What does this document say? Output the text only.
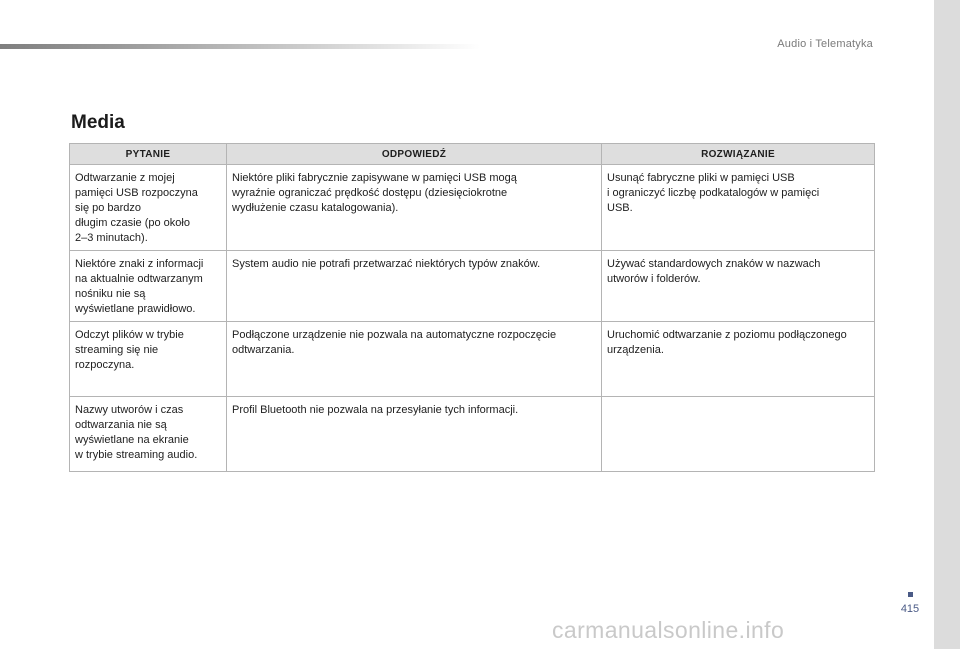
Audio i Telematyka
415
Media
PYTANIE	ODPOWIEDŹ	ROZWIĄZANIE
Odtwarzanie z mojej
pamięci USB rozpoczyna
się po bardzo
długim czasie (po około
2–3 minutach).	Niektóre pliki fabrycznie zapisywane w pamięci USB mogą
wyraźnie ograniczać prędkość dostępu (dziesięciokrotne
wydłużenie czasu katalogowania).	Usunąć fabryczne pliki w pamięci USB
i ograniczyć liczbę podkatalogów w pamięci
USB.
Niektóre znaki z informacji
na aktualnie odtwarzanym
nośniku nie są
wyświetlane prawidłowo.	System audio nie potrafi przetwarzać niektórych typów znaków.	Używać standardowych znaków w nazwach
utworów i folderów.
Odczyt plików w trybie
streaming się nie
rozpoczyna.	Podłączone urządzenie nie pozwala na automatyczne rozpoczęcie
odtwarzania.	Uruchomić odtwarzanie z poziomu podłączonego
urządzenia.
Nazwy utworów i czas
odtwarzania nie są
wyświetlane na ekranie
w trybie streaming audio.	Profil Bluetooth nie pozwala na przesyłanie tych informacji.	
carmanualsonline.info
